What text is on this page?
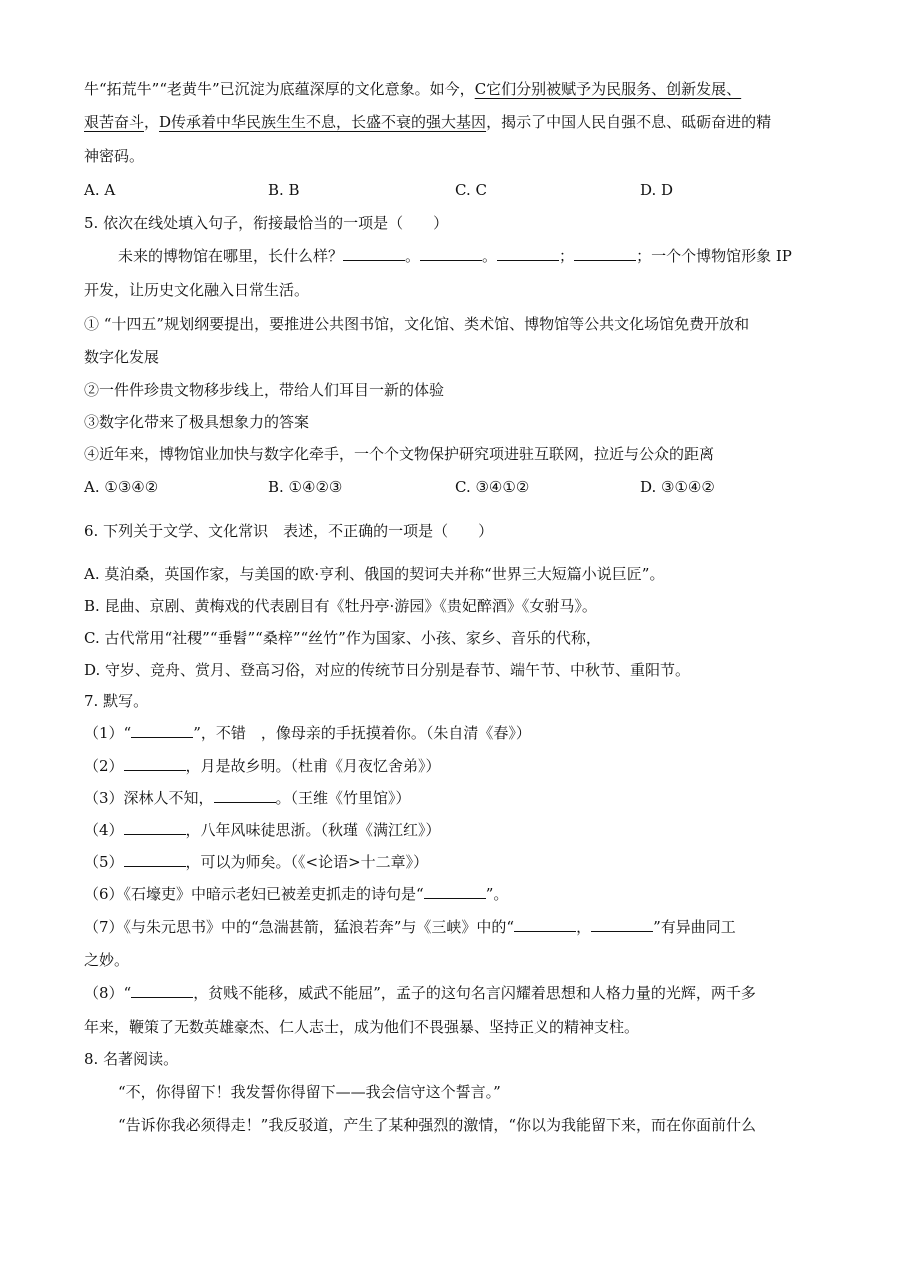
牛“拓荒牛”“老黄牛”已沉淀为底蕴深厚的文化意象。如今，C它们分别被赋予为民服务、创新发展、
艰苦奋斗，D传承着中华民族生生不息，长盛不衰的强大基因，揭示了中国人民自强不息、砥砺奋进的精
神密码。
A. A	B. B	C. C	D. D
5. 依次在线处填入句子，衔接最恰当的一项是（　　）
未来的博物馆在哪里，长什么样？	。	。	；	；一个个博物馆形象 IP
开发，让历史文化融入日常生活。
① “十四五”规划纲要提出，要推进公共图书馆，文化馆、类术馆、博物馆等公共文化场馆免费开放和
数字化发展
②一件件珍贵文物移步线上，带给人们耳目一新的体验
③数字化带来了极具想象力的答案
④近年来，博物馆业加快与数字化牵手，一个个文物保护研究项进驻互联网，拉近与公众的距离
A. ①③④②	B. ①④②③	C. ③④①②	D. ③①④②
6. 下列关于文学、文化常识　表述，不正确的一项是（　　）
A. 莫泊桑，英国作家，与美国的欧·亨利、俄国的契诃夫并称“世界三大短篇小说巨匠”。
B. 昆曲、京剧、黄梅戏的代表剧目有《牡丹亭·游园》《贵妃醉酒》《女驸马》。
C. 古代常用“社稷”“垂髫”“桑梓”“丝竹”作为国家、小孩、家乡、音乐的代称，
D. 守岁、竞舟、赏月、登高习俗，对应的传统节日分别是春节、端午节、中秋节、重阳节。
7. 默写。
（1）“	”，不错　，像母亲的手抚摸着你。（朱自清《春》）
（2）	，月是故乡明。（杜甫《月夜忆舍弟》）
（3）深林人不知，	。（王维《竹里馆》）
（4）	，八年风味徒思浙。（秋瑾《满江红》）
（5）	，可以为师矣。（《<论语>十二章》）
（6）《石壕吏》中暗示老妇已被差吏抓走的诗句是“	”。
（7）《与朱元思书》中的“急湍甚箭，猛浪若奔”与《三峡》中的“	，	”有异曲同工
之妙。
（8）“	，贫贱不能移，威武不能屈”，孟子的这句名言闪耀着思想和人格力量的光辉，两千多
年来，鞭策了无数英雄豪杰、仁人志士，成为他们不畏强暴、坚持正义的精神支柱。
8. 名著阅读。
“不，你得留下！我发誓你得留下——我会信守这个誓言。”
“告诉你我必须得走！”我反驳道，产生了某种强烈的激情，“你以为我能留下来，而在你面前什么
